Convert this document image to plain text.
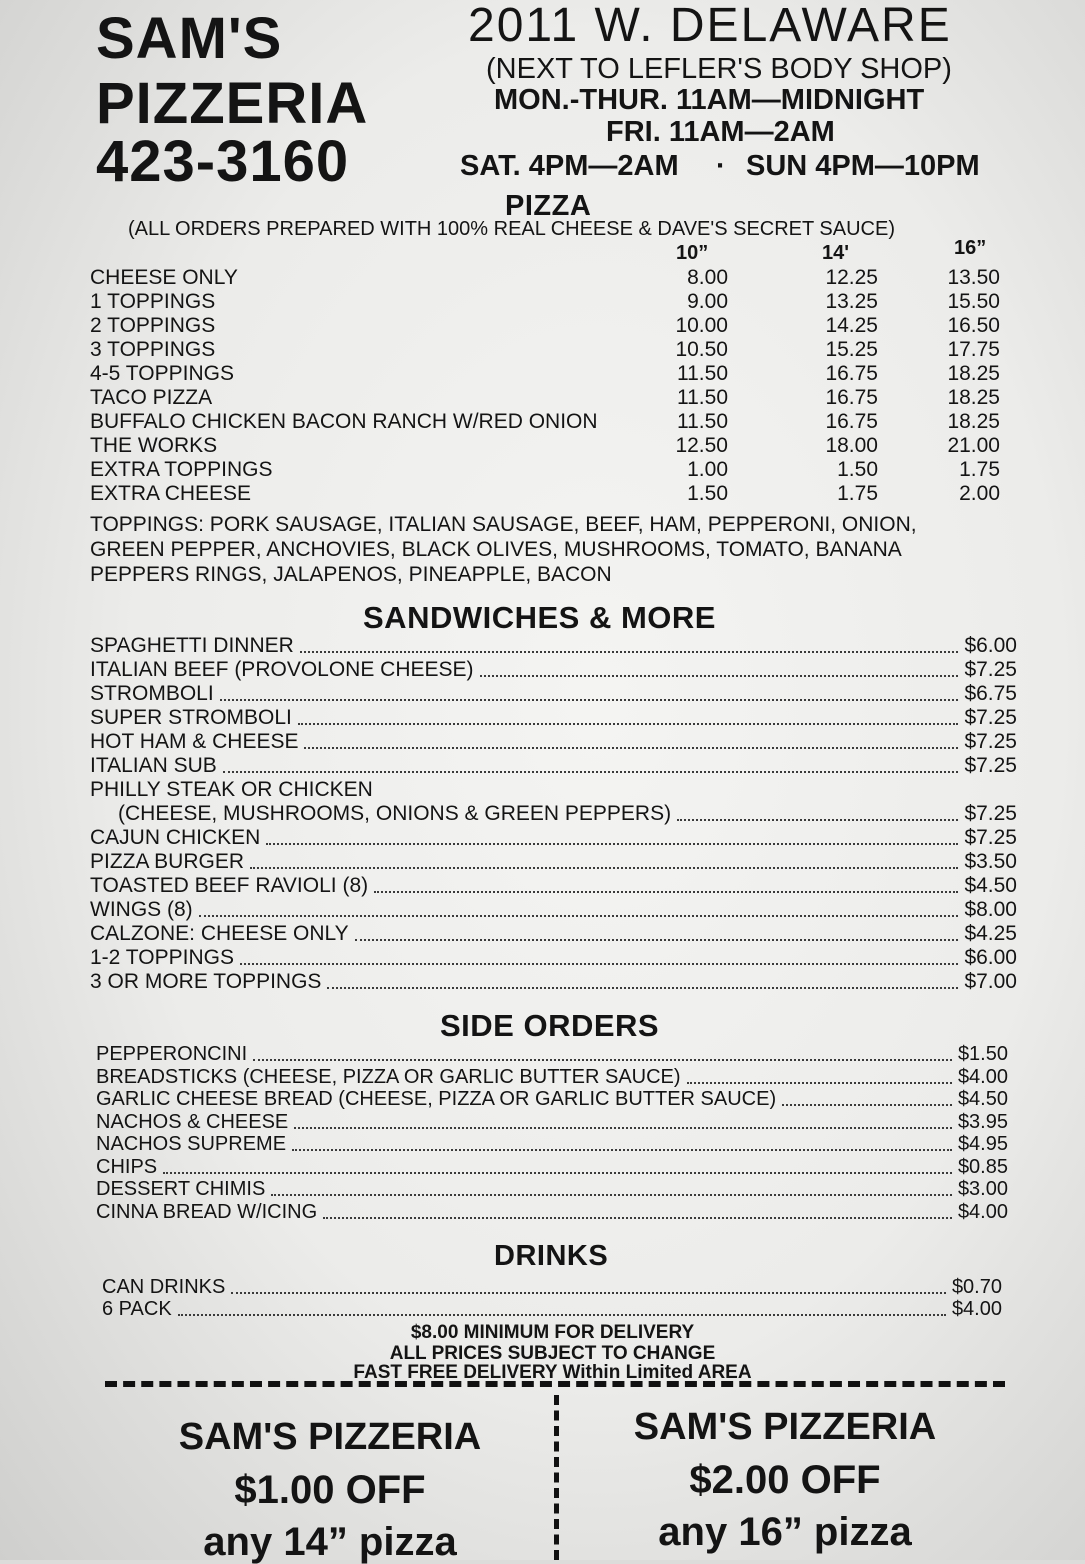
SAM'S
PIZZERIA
423-3160
2011 W. DELAWARE
(NEXT TO LEFLER'S BODY SHOP)
MON.-THUR. 11AM—MIDNIGHT
FRI. 11AM—2AM
SAT. 4PM—2AM · SUN 4PM—10PM
PIZZA
(ALL ORDERS PREPARED WITH 100% REAL CHEESE & DAVE'S SECRET SAUCE)
10”	14'	16”
CHEESE ONLY	8.00	12.25	13.50
1 TOPPINGS	9.00	13.25	15.50
2 TOPPINGS	10.00	14.25	16.50
3 TOPPINGS	10.50	15.25	17.75
4-5 TOPPINGS	11.50	16.75	18.25
TACO PIZZA	11.50	16.75	18.25
BUFFALO CHICKEN BACON RANCH W/RED ONION	11.50	16.75	18.25
THE WORKS	12.50	18.00	21.00
EXTRA TOPPINGS	1.00	1.50	1.75
EXTRA CHEESE	1.50	1.75	2.00
TOPPINGS: PORK SAUSAGE, ITALIAN SAUSAGE, BEEF, HAM, PEPPERONI, ONION, GREEN PEPPER, ANCHOVIES, BLACK OLIVES, MUSHROOMS, TOMATO, BANANA PEPPERS RINGS, JALAPENOS, PINEAPPLE, BACON
SANDWICHES & MORE
SPAGHETTI DINNER	$6.00
ITALIAN BEEF (PROVOLONE CHEESE)	$7.25
STROMBOLI	$6.75
SUPER STROMBOLI	$7.25
HOT HAM & CHEESE	$7.25
ITALIAN SUB	$7.25
PHILLY STEAK OR CHICKEN
(CHEESE, MUSHROOMS, ONIONS & GREEN PEPPERS)	$7.25
CAJUN CHICKEN	$7.25
PIZZA BURGER	$3.50
TOASTED BEEF RAVIOLI (8)	$4.50
WINGS (8)	$8.00
CALZONE: CHEESE ONLY	$4.25
1-2 TOPPINGS	$6.00
3 OR MORE TOPPINGS	$7.00
SIDE ORDERS
PEPPERONCINI	$1.50
BREADSTICKS (CHEESE, PIZZA OR GARLIC BUTTER SAUCE)	$4.00
GARLIC CHEESE BREAD (CHEESE, PIZZA OR GARLIC BUTTER SAUCE)	$4.50
NACHOS & CHEESE	$3.95
NACHOS SUPREME	$4.95
CHIPS	$0.85
DESSERT CHIMIS	$3.00
CINNA BREAD W/ICING	$4.00
DRINKS
CAN DRINKS	$0.70
6 PACK	$4.00
$8.00 MINIMUM FOR DELIVERY
ALL PRICES SUBJECT TO CHANGE
FAST FREE DELIVERY Within Limited AREA
SAM'S PIZZERIA
$1.00 OFF
any 14” pizza
SAM'S PIZZERIA
$2.00 OFF
any 16” pizza
